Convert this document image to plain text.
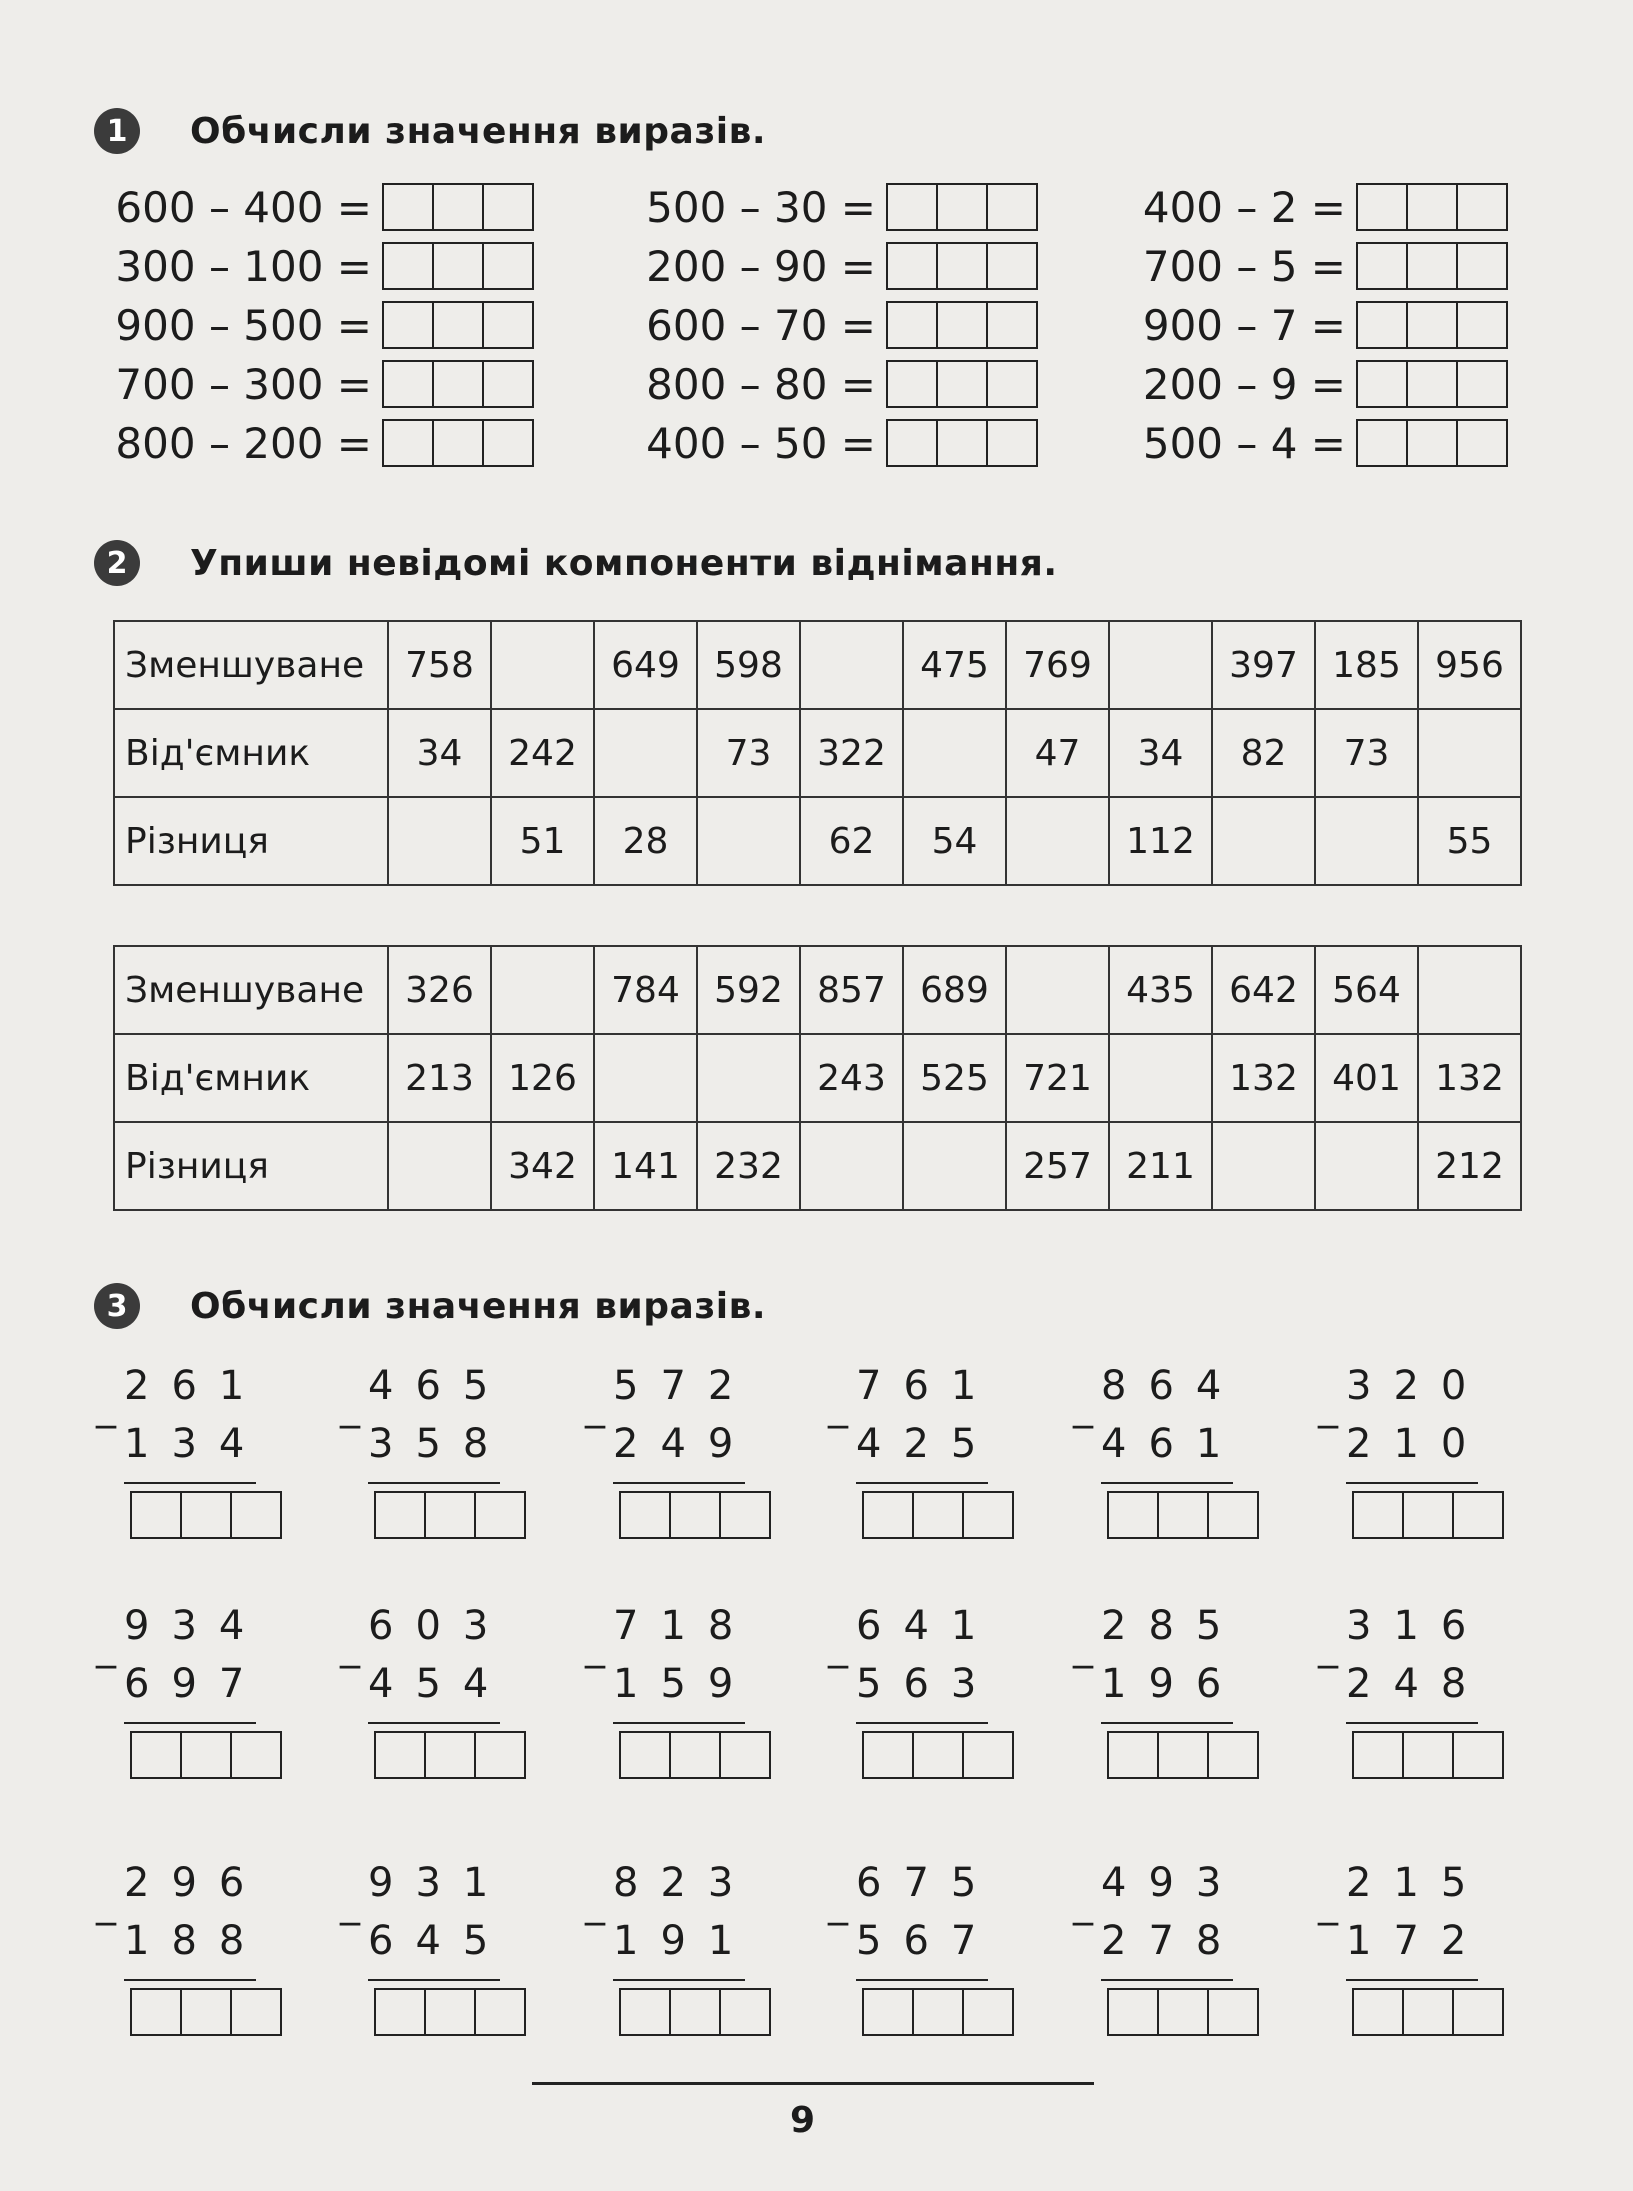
1	Обчисли значення виразів.
600 – 400 =
300 – 100 =
900 – 500 =
700 – 300 =
800 – 200 =
500 – 30 =
200 – 90 =
600 – 70 =
800 – 80 =
400 – 50 =
400 – 2 =
700 – 5 =
900 – 7 =
200 – 9 =
500 – 4 =
2	Упиши невідомі компоненти віднімання.
Зменшуване	758		649	598		475	769		397	185	956
Від'ємник	34	242		73	322		47	34	82	73	
Різниця		51	28		62	54		112			55
Зменшуване	326		784	592	857	689		435	642	564	
Від'ємник	213	126			243	525	721		132	401	132
Різниця		342	141	232			257	211			212
3	Обчисли значення виразів.
_ 261
134
_ 465
358
_ 572
249
_ 761
425
_ 864
461
_ 320
210
_ 934
697
_ 603
454
_ 718
159
_ 641
563
_ 285
196
_ 316
248
_ 296
188
_ 931
645
_ 823
191
_ 675
567
_ 493
278
_ 215
172
9
